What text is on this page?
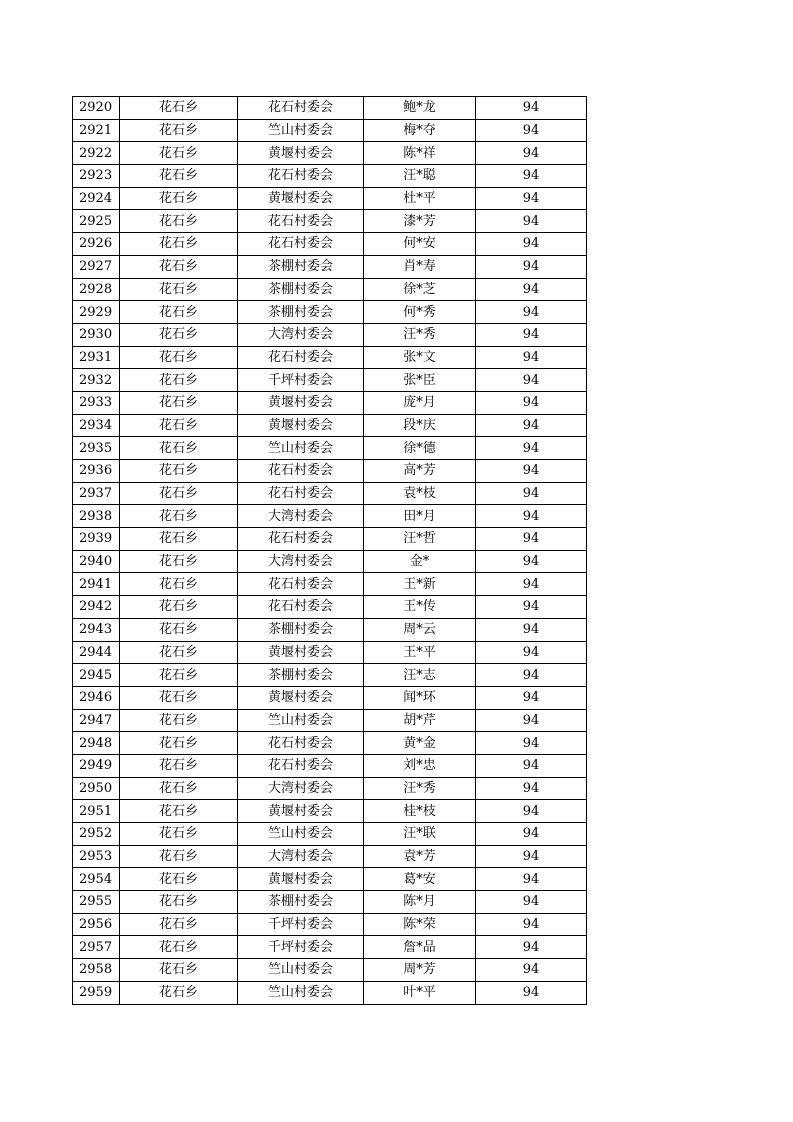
2920	花石乡	花石村委会	鲍*龙	94
2921	花石乡	竺山村委会	梅*夺	94
2922	花石乡	黄堰村委会	陈*祥	94
2923	花石乡	花石村委会	汪*聪	94
2924	花石乡	黄堰村委会	杜*平	94
2925	花石乡	花石村委会	漆*芳	94
2926	花石乡	花石村委会	何*安	94
2927	花石乡	茶棚村委会	肖*寿	94
2928	花石乡	茶棚村委会	徐*芝	94
2929	花石乡	茶棚村委会	何*秀	94
2930	花石乡	大湾村委会	汪*秀	94
2931	花石乡	花石村委会	张*文	94
2932	花石乡	千坪村委会	张*臣	94
2933	花石乡	黄堰村委会	庞*月	94
2934	花石乡	黄堰村委会	段*庆	94
2935	花石乡	竺山村委会	徐*德	94
2936	花石乡	花石村委会	高*芳	94
2937	花石乡	花石村委会	袁*枝	94
2938	花石乡	大湾村委会	田*月	94
2939	花石乡	花石村委会	汪*哲	94
2940	花石乡	大湾村委会	金*	94
2941	花石乡	花石村委会	王*新	94
2942	花石乡	花石村委会	王*传	94
2943	花石乡	茶棚村委会	周*云	94
2944	花石乡	黄堰村委会	王*平	94
2945	花石乡	茶棚村委会	汪*志	94
2946	花石乡	黄堰村委会	闻*环	94
2947	花石乡	竺山村委会	胡*芹	94
2948	花石乡	花石村委会	黄*金	94
2949	花石乡	花石村委会	刘*忠	94
2950	花石乡	大湾村委会	汪*秀	94
2951	花石乡	黄堰村委会	桂*枝	94
2952	花石乡	竺山村委会	汪*联	94
2953	花石乡	大湾村委会	袁*芳	94
2954	花石乡	黄堰村委会	葛*安	94
2955	花石乡	茶棚村委会	陈*月	94
2956	花石乡	千坪村委会	陈*荣	94
2957	花石乡	千坪村委会	詹*品	94
2958	花石乡	竺山村委会	周*芳	94
2959	花石乡	竺山村委会	叶*平	94
